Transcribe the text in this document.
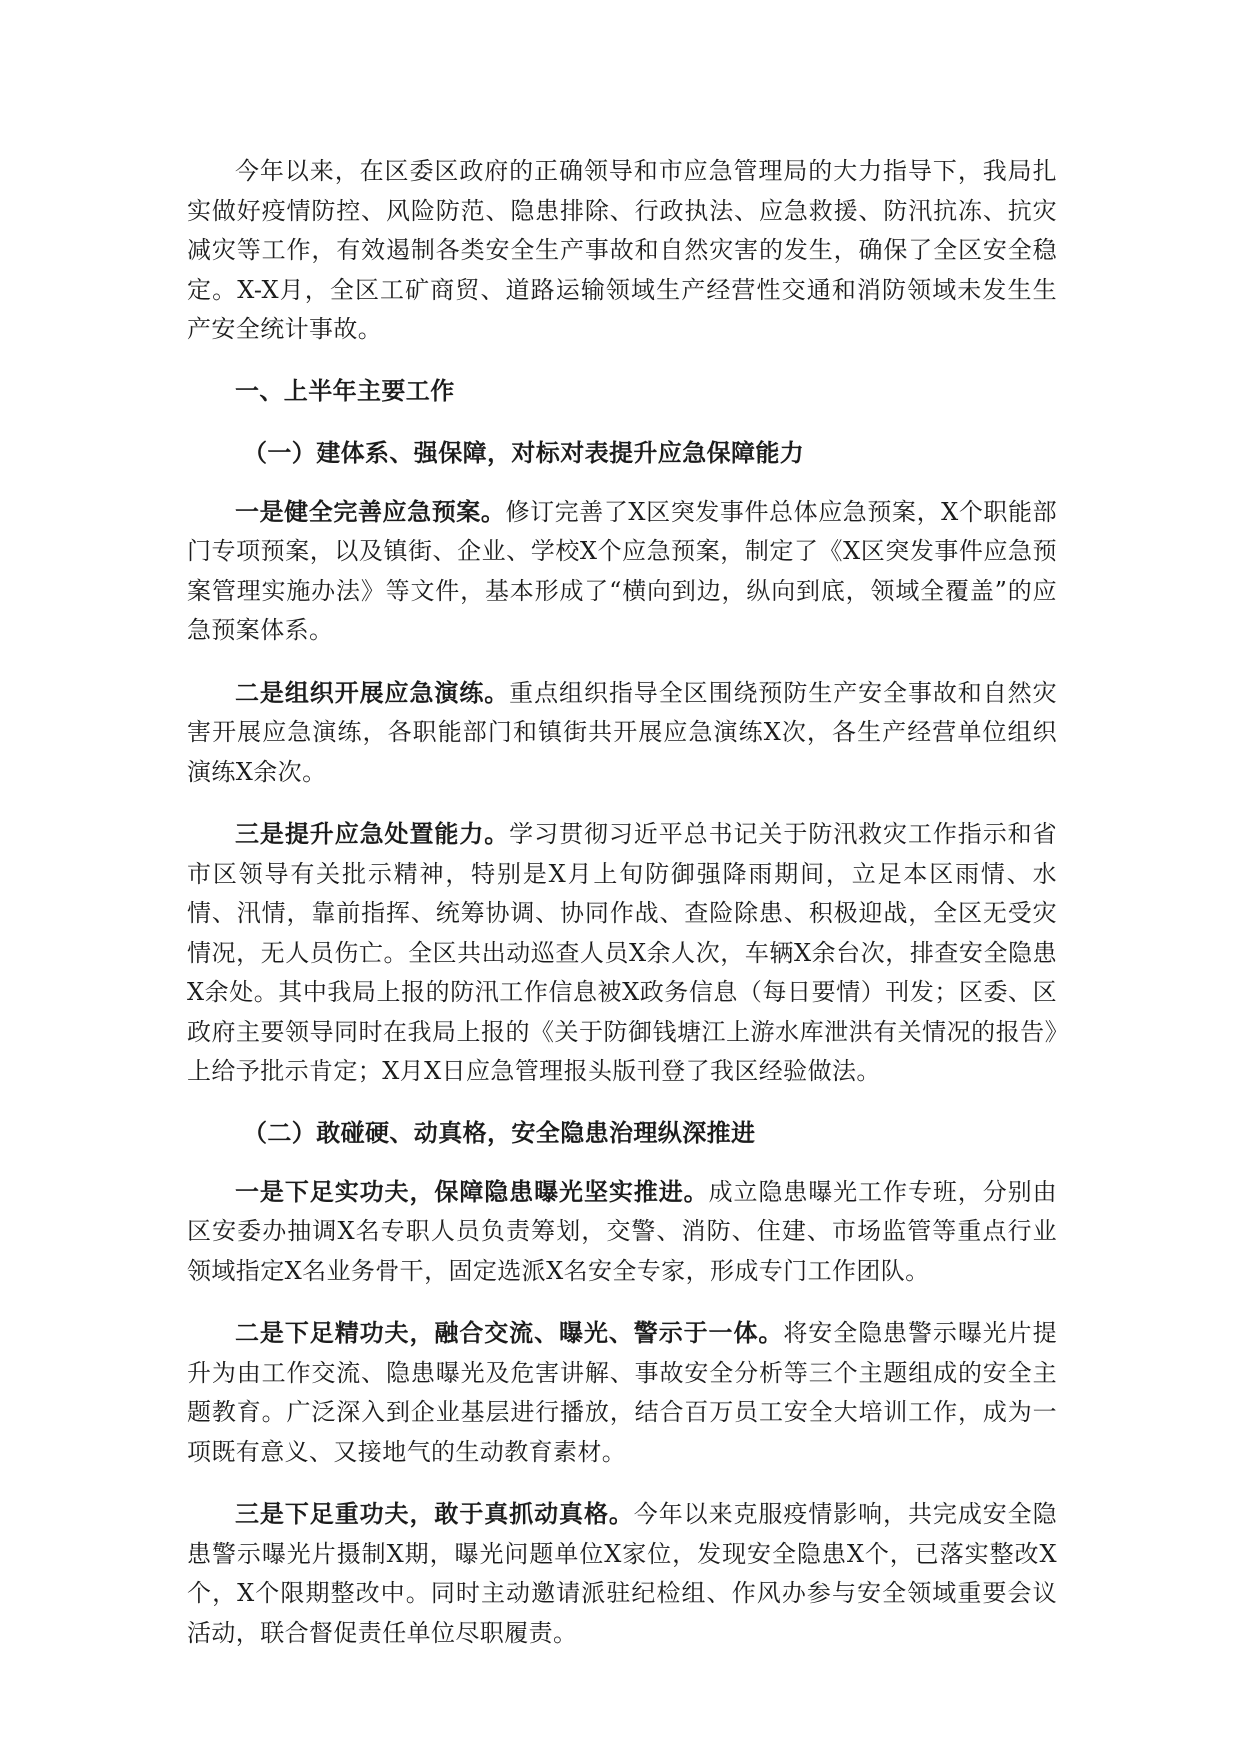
今年以来，在区委区政府的正确领导和市应急管理局的大力指导下，我局扎实做好疫情防控、风险防范、隐患排除、行政执法、应急救援、防汛抗冻、抗灾减灾等工作，有效遏制各类安全生产事故和自然灾害的发生，确保了全区安全稳定。X-X月，全区工矿商贸、道路运输领域生产经营性交通和消防领域未发生生产安全统计事故。

一、上半年主要工作

（一）建体系、强保障，对标对表提升应急保障能力

一是健全完善应急预案。修订完善了X区突发事件总体应急预案，X个职能部门专项预案，以及镇街、企业、学校X个应急预案，制定了《X区突发事件应急预案管理实施办法》等文件，基本形成了“横向到边，纵向到底，领域全覆盖”的应急预案体系。

二是组织开展应急演练。重点组织指导全区围绕预防生产安全事故和自然灾害开展应急演练，各职能部门和镇街共开展应急演练X次，各生产经营单位组织演练X余次。

三是提升应急处置能力。学习贯彻习近平总书记关于防汛救灾工作指示和省市区领导有关批示精神，特别是X月上旬防御强降雨期间，立足本区雨情、水情、汛情，靠前指挥、统筹协调、协同作战、查险除患、积极迎战，全区无受灾情况，无人员伤亡。全区共出动巡查人员X余人次，车辆X余台次，排查安全隐患X余处。其中我局上报的防汛工作信息被X政务信息（每日要情）刊发；区委、区政府主要领导同时在我局上报的《关于防御钱塘江上游水库泄洪有关情况的报告》上给予批示肯定；X月X日应急管理报头版刊登了我区经验做法。

（二）敢碰硬、动真格，安全隐患治理纵深推进

一是下足实功夫，保障隐患曝光坚实推进。成立隐患曝光工作专班，分别由区安委办抽调X名专职人员负责筹划，交警、消防、住建、市场监管等重点行业领域指定X名业务骨干，固定选派X名安全专家，形成专门工作团队。

二是下足精功夫，融合交流、曝光、警示于一体。将安全隐患警示曝光片提升为由工作交流、隐患曝光及危害讲解、事故安全分析等三个主题组成的安全主题教育。广泛深入到企业基层进行播放，结合百万员工安全大培训工作，成为一项既有意义、又接地气的生动教育素材。

三是下足重功夫，敢于真抓动真格。今年以来克服疫情影响，共完成安全隐患警示曝光片摄制X期，曝光问题单位X家位，发现安全隐患X个，已落实整改X个，X个限期整改中。同时主动邀请派驻纪检组、作风办参与安全领域重要会议活动，联合督促责任单位尽职履责。
